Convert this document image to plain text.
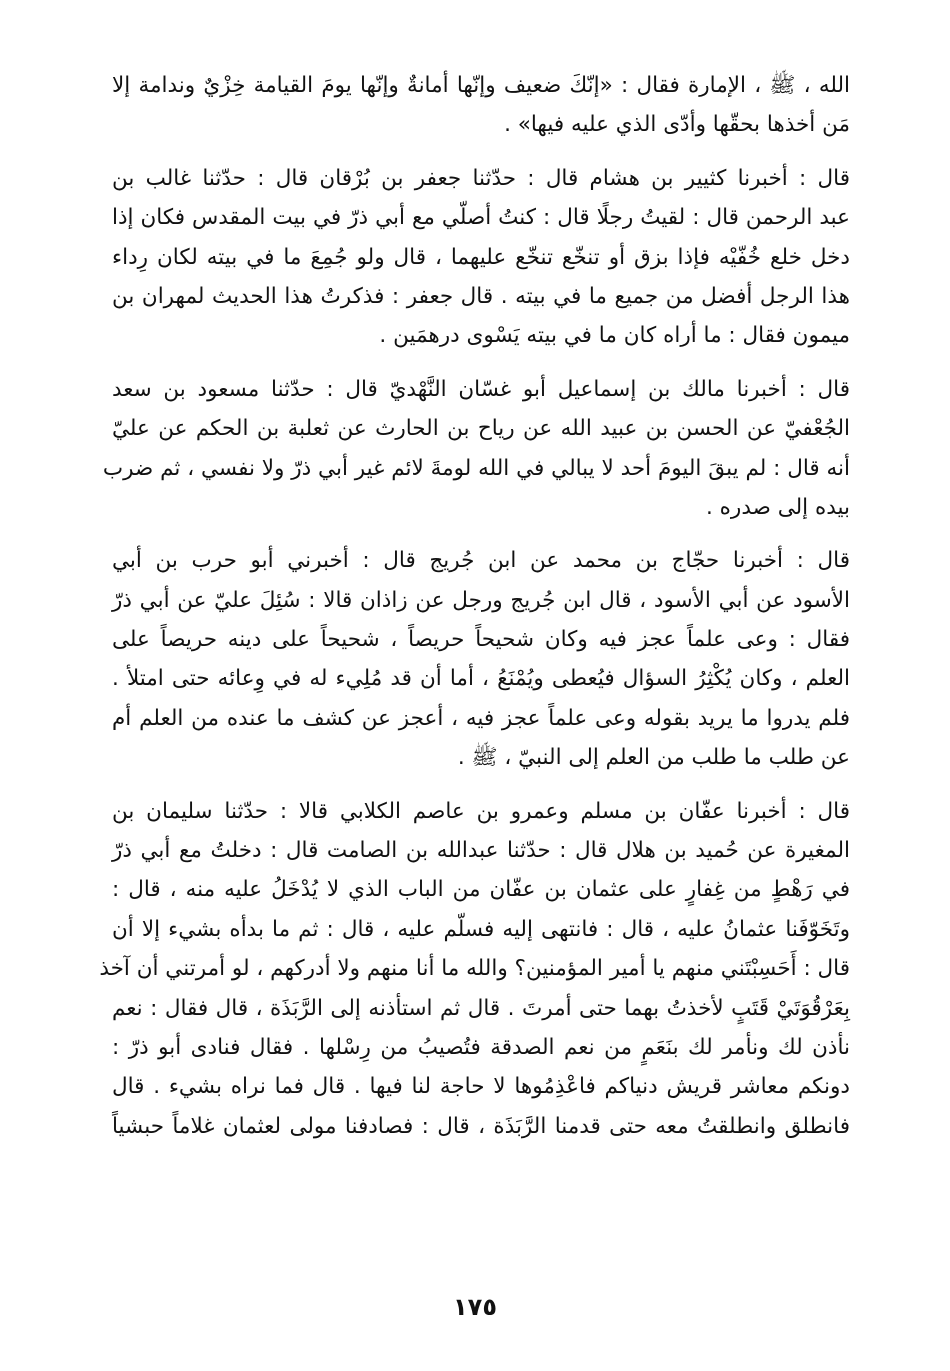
الله ، ﷺ ، الإمارة فقال : «إنّكَ ضعيف وإنّها أمانةٌ وإنّها يومَ القيامة خِزْيٌ وندامة إلا
مَن أخذها بحقّها وأدّى الذي عليه فيها» .
قال : أخبرنا كثيير بن هشام قال : حدّثنا جعفر بن بُرْقان قال : حدّثنا غالب بن
عبد الرحمن قال : لقيتُ رجلًا قال : كنتُ أصلّي مع أبي ذرّ في بيت المقدس فكان إذا
دخل خلع خُفّيْه فإذا بزق أو تنخّع تنخّع عليهما ، قال ولو جُمِعَ ما في بيته لكان رِداء
هذا الرجل أفضل من جميع ما في بيته . قال جعفر : فذكرتُ هذا الحديث لمهران بن
ميمون فقال : ما أراه كان ما في بيته يَسْوى درهمَين .
قال : أخبرنا مالك بن إسماعيل أبو غسّان النَّهْديّ قال : حدّثنا مسعود بن سعد
الجُعْفيّ عن الحسن بن عبيد الله عن رياح بن الحارث عن ثعلبة بن الحكم عن عليّ
أنه قال : لم يبقَ اليومَ أحد لا يبالي في الله لومةَ لائم غير أبي ذرّ ولا نفسي ، ثم ضرب
بيده إلى صدره .
قال : أخبرنا حجّاج بن محمد عن ابن جُريج قال : أخبرني أبو حرب بن أبي
الأسود عن أبي الأسود ، قال ابن جُريج ورجل عن زاذان قالا : سُئِلَ عليّ عن أبي ذرّ
فقال : وعى علماً عجز فيه وكان شحيحاً حريصاً ، شحيحاً على دينه حريصاً على
العلم ، وكان يُكْثِرُ السؤال فيُعطى ويُمْنَعُ ، أما أن قد مُلِيء له في وِعائه حتى امتلأ .
فلم يدروا ما يريد بقوله وعى علماً عجز فيه ، أعجز عن كشف ما عنده من العلم أم
عن طلب ما طلب من العلم إلى النبيّ ، ﷺ .
قال : أخبرنا عفّان بن مسلم وعمرو بن عاصم الكلابي قالا : حدّثنا سليمان بن
المغيرة عن حُميد بن هلال قال : حدّثنا عبدالله بن الصامت قال : دخلتُ مع أبي ذرّ
في رَهْطٍ من غِفارٍ على عثمان بن عفّان من الباب الذي لا يُدْخَلُ عليه منه ، قال :
وتَخَوّفَنا عثمانُ عليه ، قال : فانتهى إليه فسلّم عليه ، قال : ثم ما بدأه بشيء إلا أن
قال : أَحَسِبْتَني منهم يا أمير المؤمنين؟ والله ما أنا منهم ولا أدركهم ، لو أمرتني أن آخذ
بِعَرْقُوَتَيْ قَتَبٍ لأخذتُ بهما حتى أمرتَ . قال ثم استأذنه إلى الرَّبَذَة ، قال فقال : نعم
نأذن لك ونأمر لك بنَعَمٍ من نعم الصدقة فتُصيبُ من رِسْلها . فقال فنادى أبو ذرّ :
دونكم معاشر قريش دنياكم فاعْذِمُوها لا حاجة لنا فيها . قال فما نراه بشيء . قال
فانطلق وانطلقتُ معه حتى قدمنا الرَّبَذَة ، قال : فصادفنا مولى لعثمان غلاماً حبشياً
١٧٥
